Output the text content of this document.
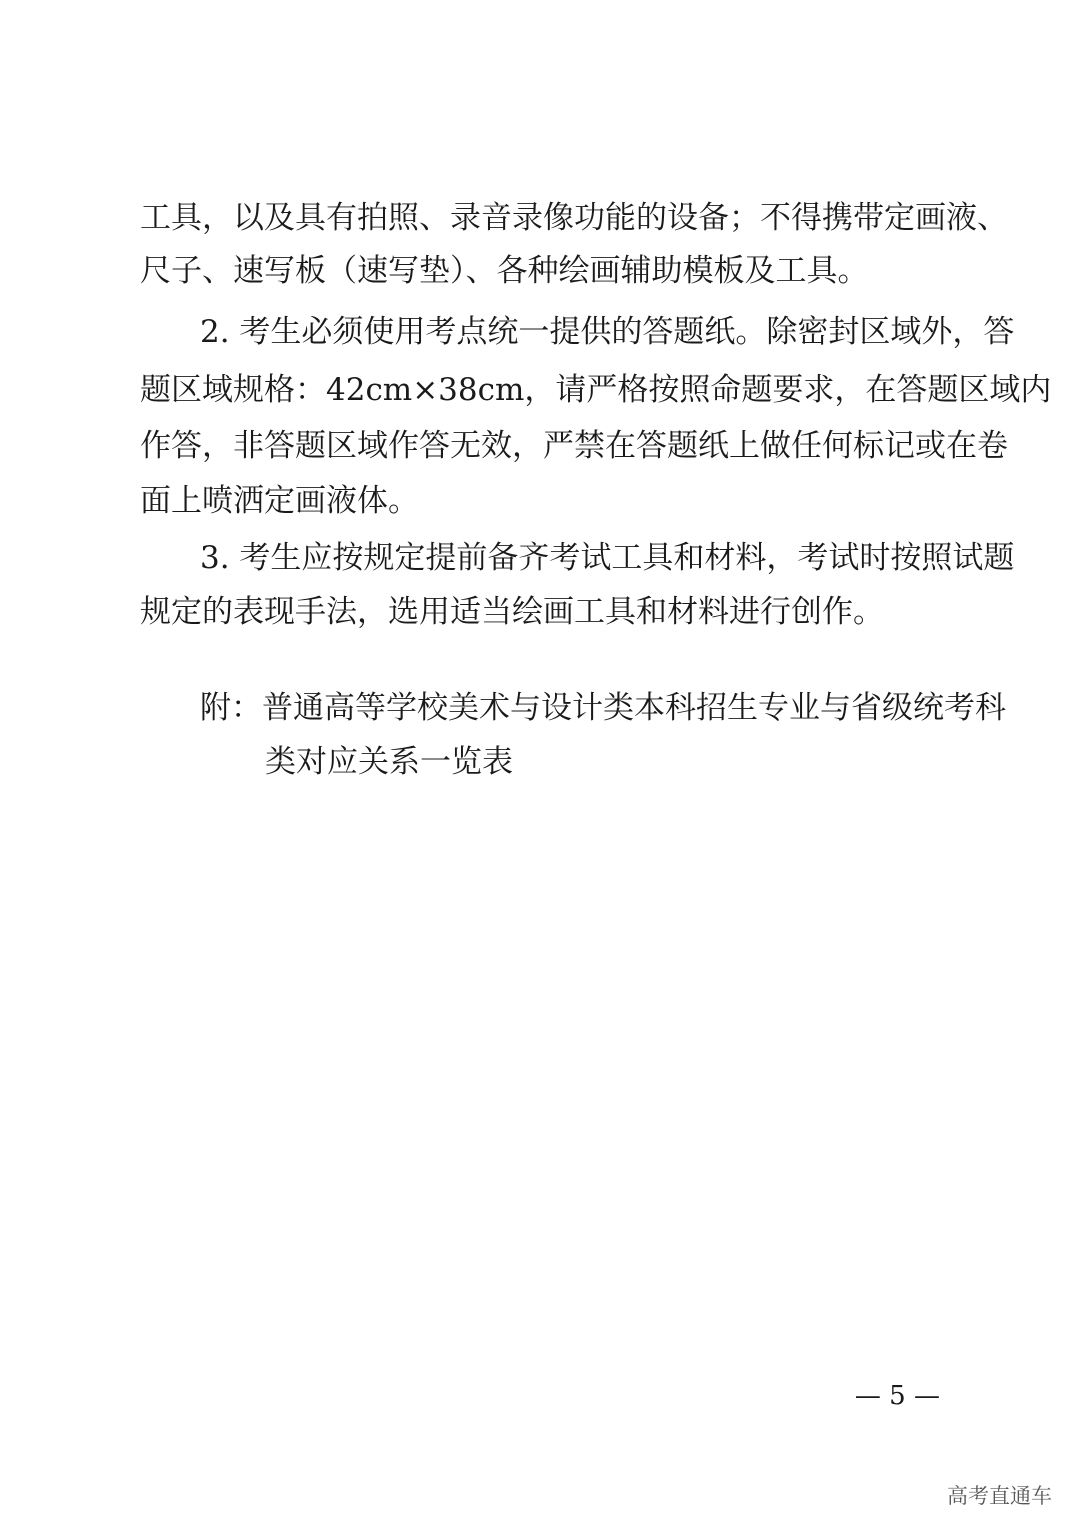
工具，以及具有拍照、录音录像功能的设备；不得携带定画液、
尺子、速写板（速写垫）、各种绘画辅助模板及工具。
2. 考生必须使用考点统一提供的答题纸。除密封区域外，答
题区域规格：42cm×38cm，请严格按照命题要求，在答题区域内
作答，非答题区域作答无效，严禁在答题纸上做任何标记或在卷
面上喷洒定画液体。
3. 考生应按规定提前备齐考试工具和材料，考试时按照试题
规定的表现手法，选用适当绘画工具和材料进行创作。
附：普通高等学校美术与设计类本科招生专业与省级统考科
类对应关系一览表
— 5 —
高考直通车
